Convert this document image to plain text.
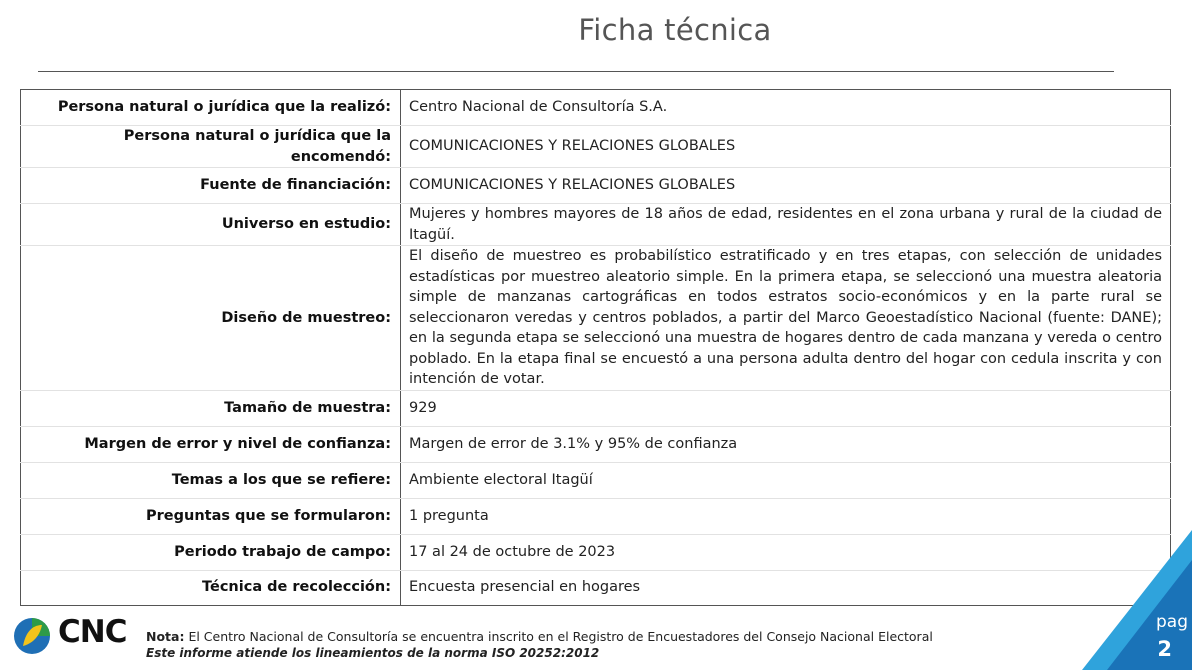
Ficha técnica
Persona natural o jurídica que la realizó:	Centro Nacional de Consultoría S.A.
Persona natural o jurídica que la encomendó:	COMUNICACIONES Y RELACIONES GLOBALES
Fuente de financiación:	COMUNICACIONES Y RELACIONES GLOBALES
Universo en estudio:	Mujeres y hombres mayores de 18 años de edad, residentes en el zona urbana y rural de la ciudad de Itagüí.
Diseño de muestreo:	El diseño de muestreo es probabilístico estratificado y en tres etapas, con selección de unidades estadísticas por muestreo aleatorio simple. En la primera etapa, se seleccionó una muestra aleatoria simple de manzanas cartográficas en todos estratos socio-económicos y en la parte rural se seleccionaron veredas y centros poblados, a partir del Marco Geoestadístico Nacional (fuente: DANE); en la segunda etapa se seleccionó una muestra de hogares dentro de cada manzana y vereda o centro poblado. En la etapa final se encuestó a una persona adulta dentro del hogar con cedula inscrita y con intención de votar.
Tamaño de muestra:	929
Margen de error y nivel de confianza:	Margen de error de 3.1% y 95% de confianza
Temas a los que se refiere:	Ambiente electoral Itagüí
Preguntas que se formularon:	1 pregunta
Periodo trabajo de campo:	17 al 24 de octubre de 2023
Técnica de recolección:	Encuesta presencial en hogares
CNC Nota: El Centro Nacional de Consultoría se encuentra inscrito en el Registro de Encuestadores del Consejo Nacional Electoral
Este informe atiende los lineamientos de la norma ISO 20252:2012
pag
2
